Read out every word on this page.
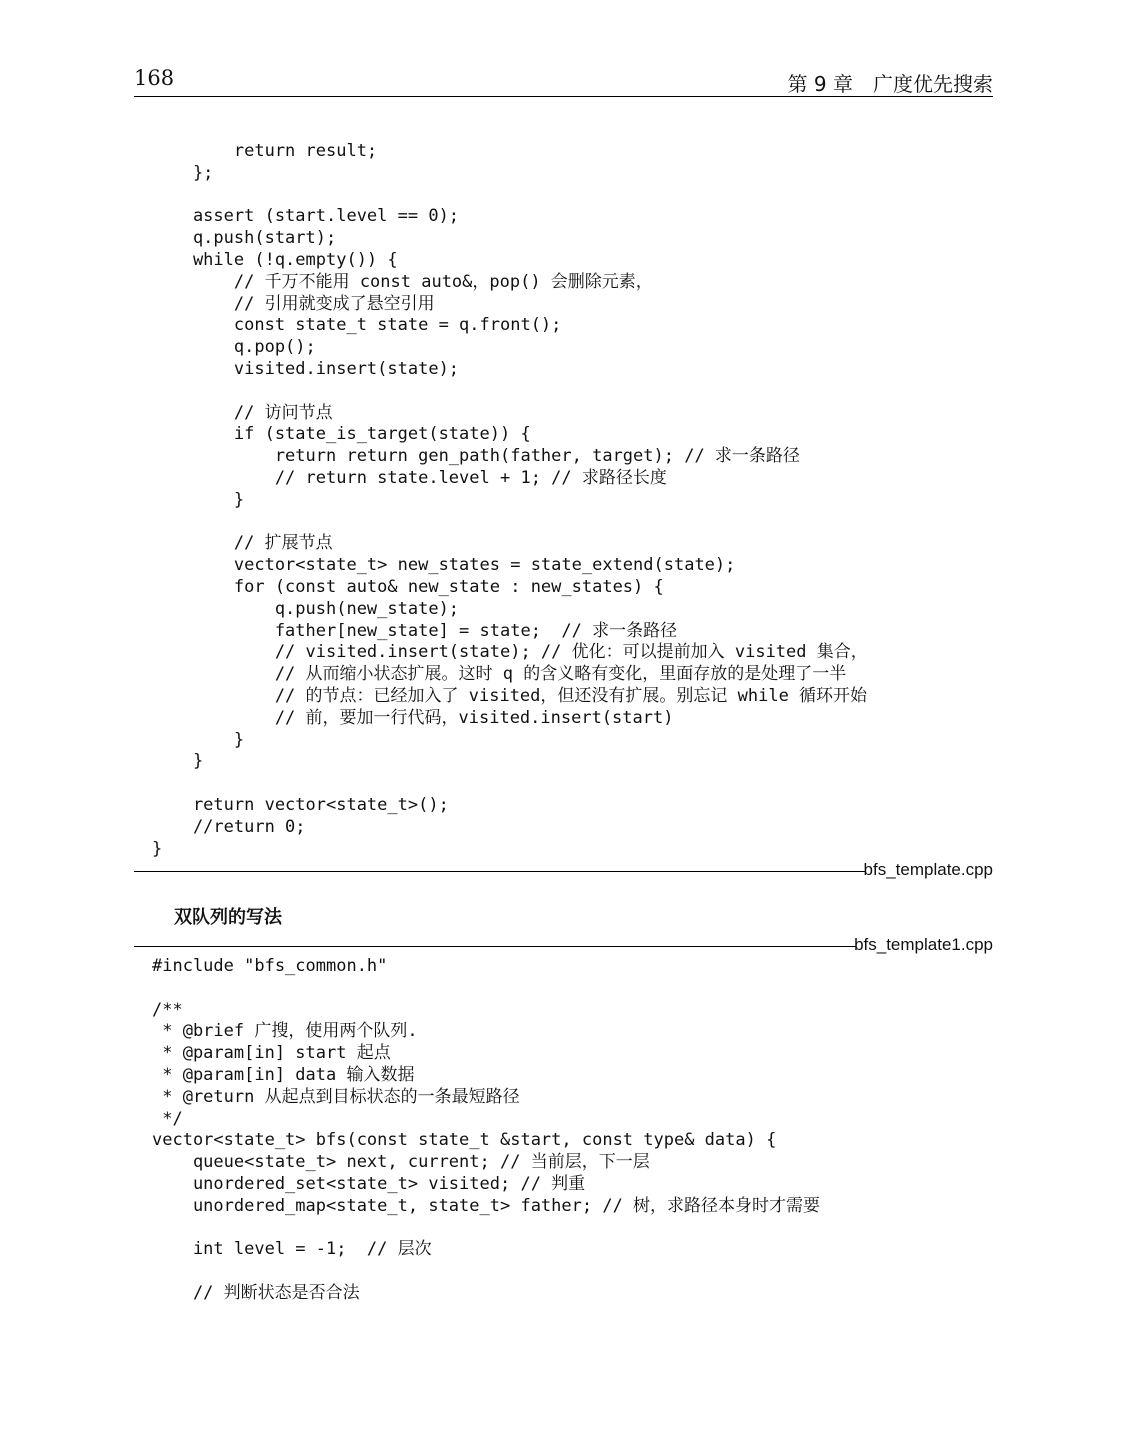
168	第 9 章　广度优先搜索
return result;
};

assert (start.level == 0);
q.push(start);
while (!q.empty()) {
// 千万不能用 const auto&，pop() 会删除元素，
// 引用就变成了悬空引用
const state_t state = q.front();
q.pop();
visited.insert(state);

// 访问节点
if (state_is_target(state)) {
return return gen_path(father, target); // 求一条路径
// return state.level + 1; // 求路径长度
}

// 扩展节点
vector<state_t> new_states = state_extend(state);
for (const auto& new_state : new_states) {
q.push(new_state);
father[new_state] = state;  // 求一条路径
// visited.insert(state); // 优化：可以提前加入 visited 集合，
// 从而缩小状态扩展。这时 q 的含义略有变化，里面存放的是处理了一半
// 的节点：已经加入了 visited，但还没有扩展。别忘记 while 循环开始
// 前，要加一行代码，visited.insert(start)
}
}

return vector<state_t>();
//return 0;
}
bfs_template.cpp
双队列的写法
bfs_template1.cpp
#include "bfs_common.h"

/**
* @brief 广搜，使用两个队列.
* @param[in] start 起点
* @param[in] data 输入数据
* @return 从起点到目标状态的一条最短路径
*/
vector<state_t> bfs(const state_t &start, const type& data) {
queue<state_t> next, current; // 当前层，下一层
unordered_set<state_t> visited; // 判重
unordered_map<state_t, state_t> father; // 树，求路径本身时才需要

int level = -1;  // 层次

// 判断状态是否合法
